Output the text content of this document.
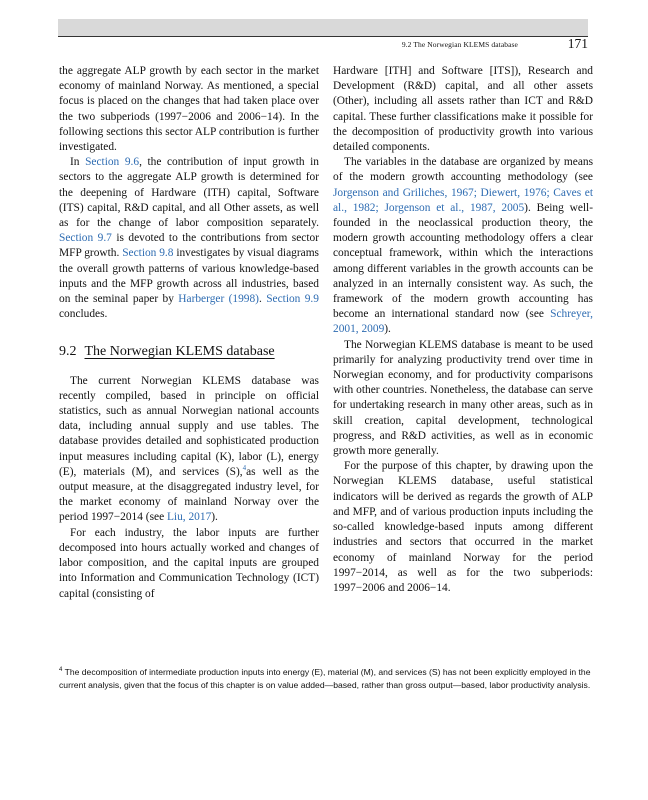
9.2 The Norwegian KLEMS database	171

the aggregate ALP growth by each sector in the market economy of mainland Norway. As mentioned, a special focus is placed on the changes that had taken place over the two subperiods (1997−2006 and 2006−14). In the following sections this sector ALP contribution is further investigated.

In Section 9.6, the contribution of input growth in sectors to the aggregate ALP growth is determined for the deepening of Hardware (ITH) capital, Software (ITS) capital, R&D capital, and all Other assets, as well as for the change of labor composition separately. Section 9.7 is devoted to the contributions from sector MFP growth. Section 9.8 investigates by visual diagrams the overall growth patterns of various knowledge-based inputs and the MFP growth across all industries, based on the seminal paper by Harberger (1998). Section 9.9 concludes.

9.2 The Norwegian KLEMS database

The current Norwegian KLEMS database was recently compiled, based in principle on official statistics, such as annual Norwegian national accounts data, including annual supply and use tables. The database provides detailed and sophisticated production input measures including capital (K), labor (L), energy (E), materials (M), and services (S),$^4$as well as the output measure, at the disaggregated industry level, for the market economy of mainland Norway over the period 1997−2014 (see Liu, 2017).

For each industry, the labor inputs are further decomposed into hours actually worked and changes of labor composition, and the capital inputs are grouped into Information and Communication Technology (ICT) capital (consisting of

Hardware [ITH] and Software [ITS]), Research and Development (R&D) capital, and all other assets (Other), including all assets rather than ICT and R&D capital. These further classifications make it possible for the decomposition of productivity growth into various detailed components.

The variables in the database are organized by means of the modern growth accounting methodology (see Jorgenson and Griliches, 1967; Diewert, 1976; Caves et al., 1982; Jorgenson et al., 1987, 2005). Being well-founded in the neoclassical production theory, the modern growth accounting methodology offers a clear conceptual framework, within which the interactions among different variables in the growth accounts can be analyzed in an internally consistent way. As such, the framework of the modern growth accounting has become an international standard now (see Schreyer, 2001, 2009).

The Norwegian KLEMS database is meant to be used primarily for analyzing productivity trend over time in Norwegian economy, and for productivity comparisons with other countries. Nonetheless, the database can serve for undertaking research in many other areas, such as in skill creation, capital development, technological progress, and R&D activities, as well as in economic growth more generally.

For the purpose of this chapter, by drawing upon the Norwegian KLEMS database, useful statistical indicators will be derived as regards the growth of ALP and MFP, and of various production inputs including the so-called knowledge-based inputs among different industries and sectors that occurred in the market economy of mainland Norway for the period 1997−2014, as well as for the two subperiods: 1997−2006 and 2006−14.

$^4$ The decomposition of intermediate production inputs into energy (E), material (M), and services (S) has not been explicitly employed in the current analysis, given that the focus of this chapter is on value added—based, rather than gross output—based, labor productivity analysis.
